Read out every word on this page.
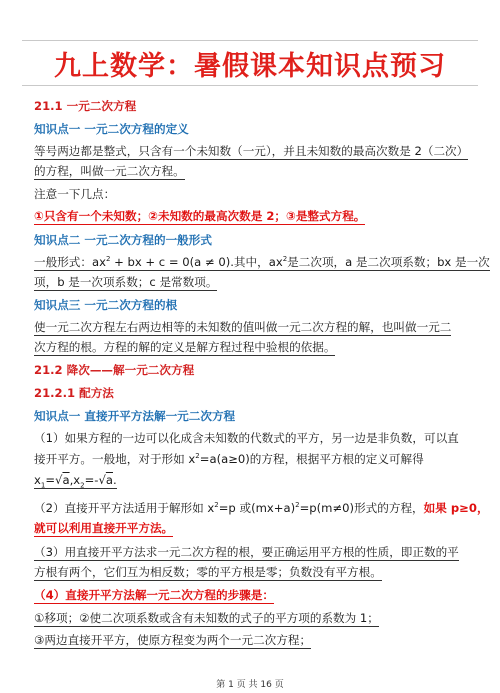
九上数学：暑假课本知识点预习
21.1 一元二次方程
知识点一 一元二次方程的定义
等号两边都是整式，只含有一个未知数（一元），并且未知数的最高次数是 2（二次）
的方程，叫做一元二次方程。
注意一下几点：
①只含有一个未知数；②未知数的最高次数是 2；③是整式方程。
知识点二 一元二次方程的一般形式
一般形式：$ax^2$ + bx + c = 0(a ≠ 0).其中，$ax^2$是二次项，a 是二次项系数；bx 是一次
项，b 是一次项系数；c 是常数项。
知识点三 一元二次方程的根
使一元二次方程左右两边相等的未知数的值叫做一元二次方程的解，也叫做一元二
次方程的根。方程的解的定义是解方程过程中验根的依据。
21.2 降次——解一元二次方程
21.2.1 配方法
知识点一 直接开平方法解一元二次方程
（1）如果方程的一边可以化成含未知数的代数式的平方，另一边是非负数，可以直
接开平方。一般地，对于形如 $x^2=a(a\ge 0)$的方程，根据平方根的定义可解得
$x_1=√a,x_2=-√a$.
（2）直接开平方法适用于解形如 $x^2=p$ 或$(mx+a)^2=p(m\ne 0)$形式的方程，如果 p≥0，
就可以利用直接开平方法。
（3）用直接开平方法求一元二次方程的根，要正确运用平方根的性质，即正数的平
方根有两个，它们互为相反数；零的平方根是零；负数没有平方根。
（4）直接开平方法解一元二次方程的步骤是：
①移项；②使二次项系数或含有未知数的式子的平方项的系数为 1；
③两边直接开平方，使原方程变为两个一元二次方程；
第 1 页 共 16 页
